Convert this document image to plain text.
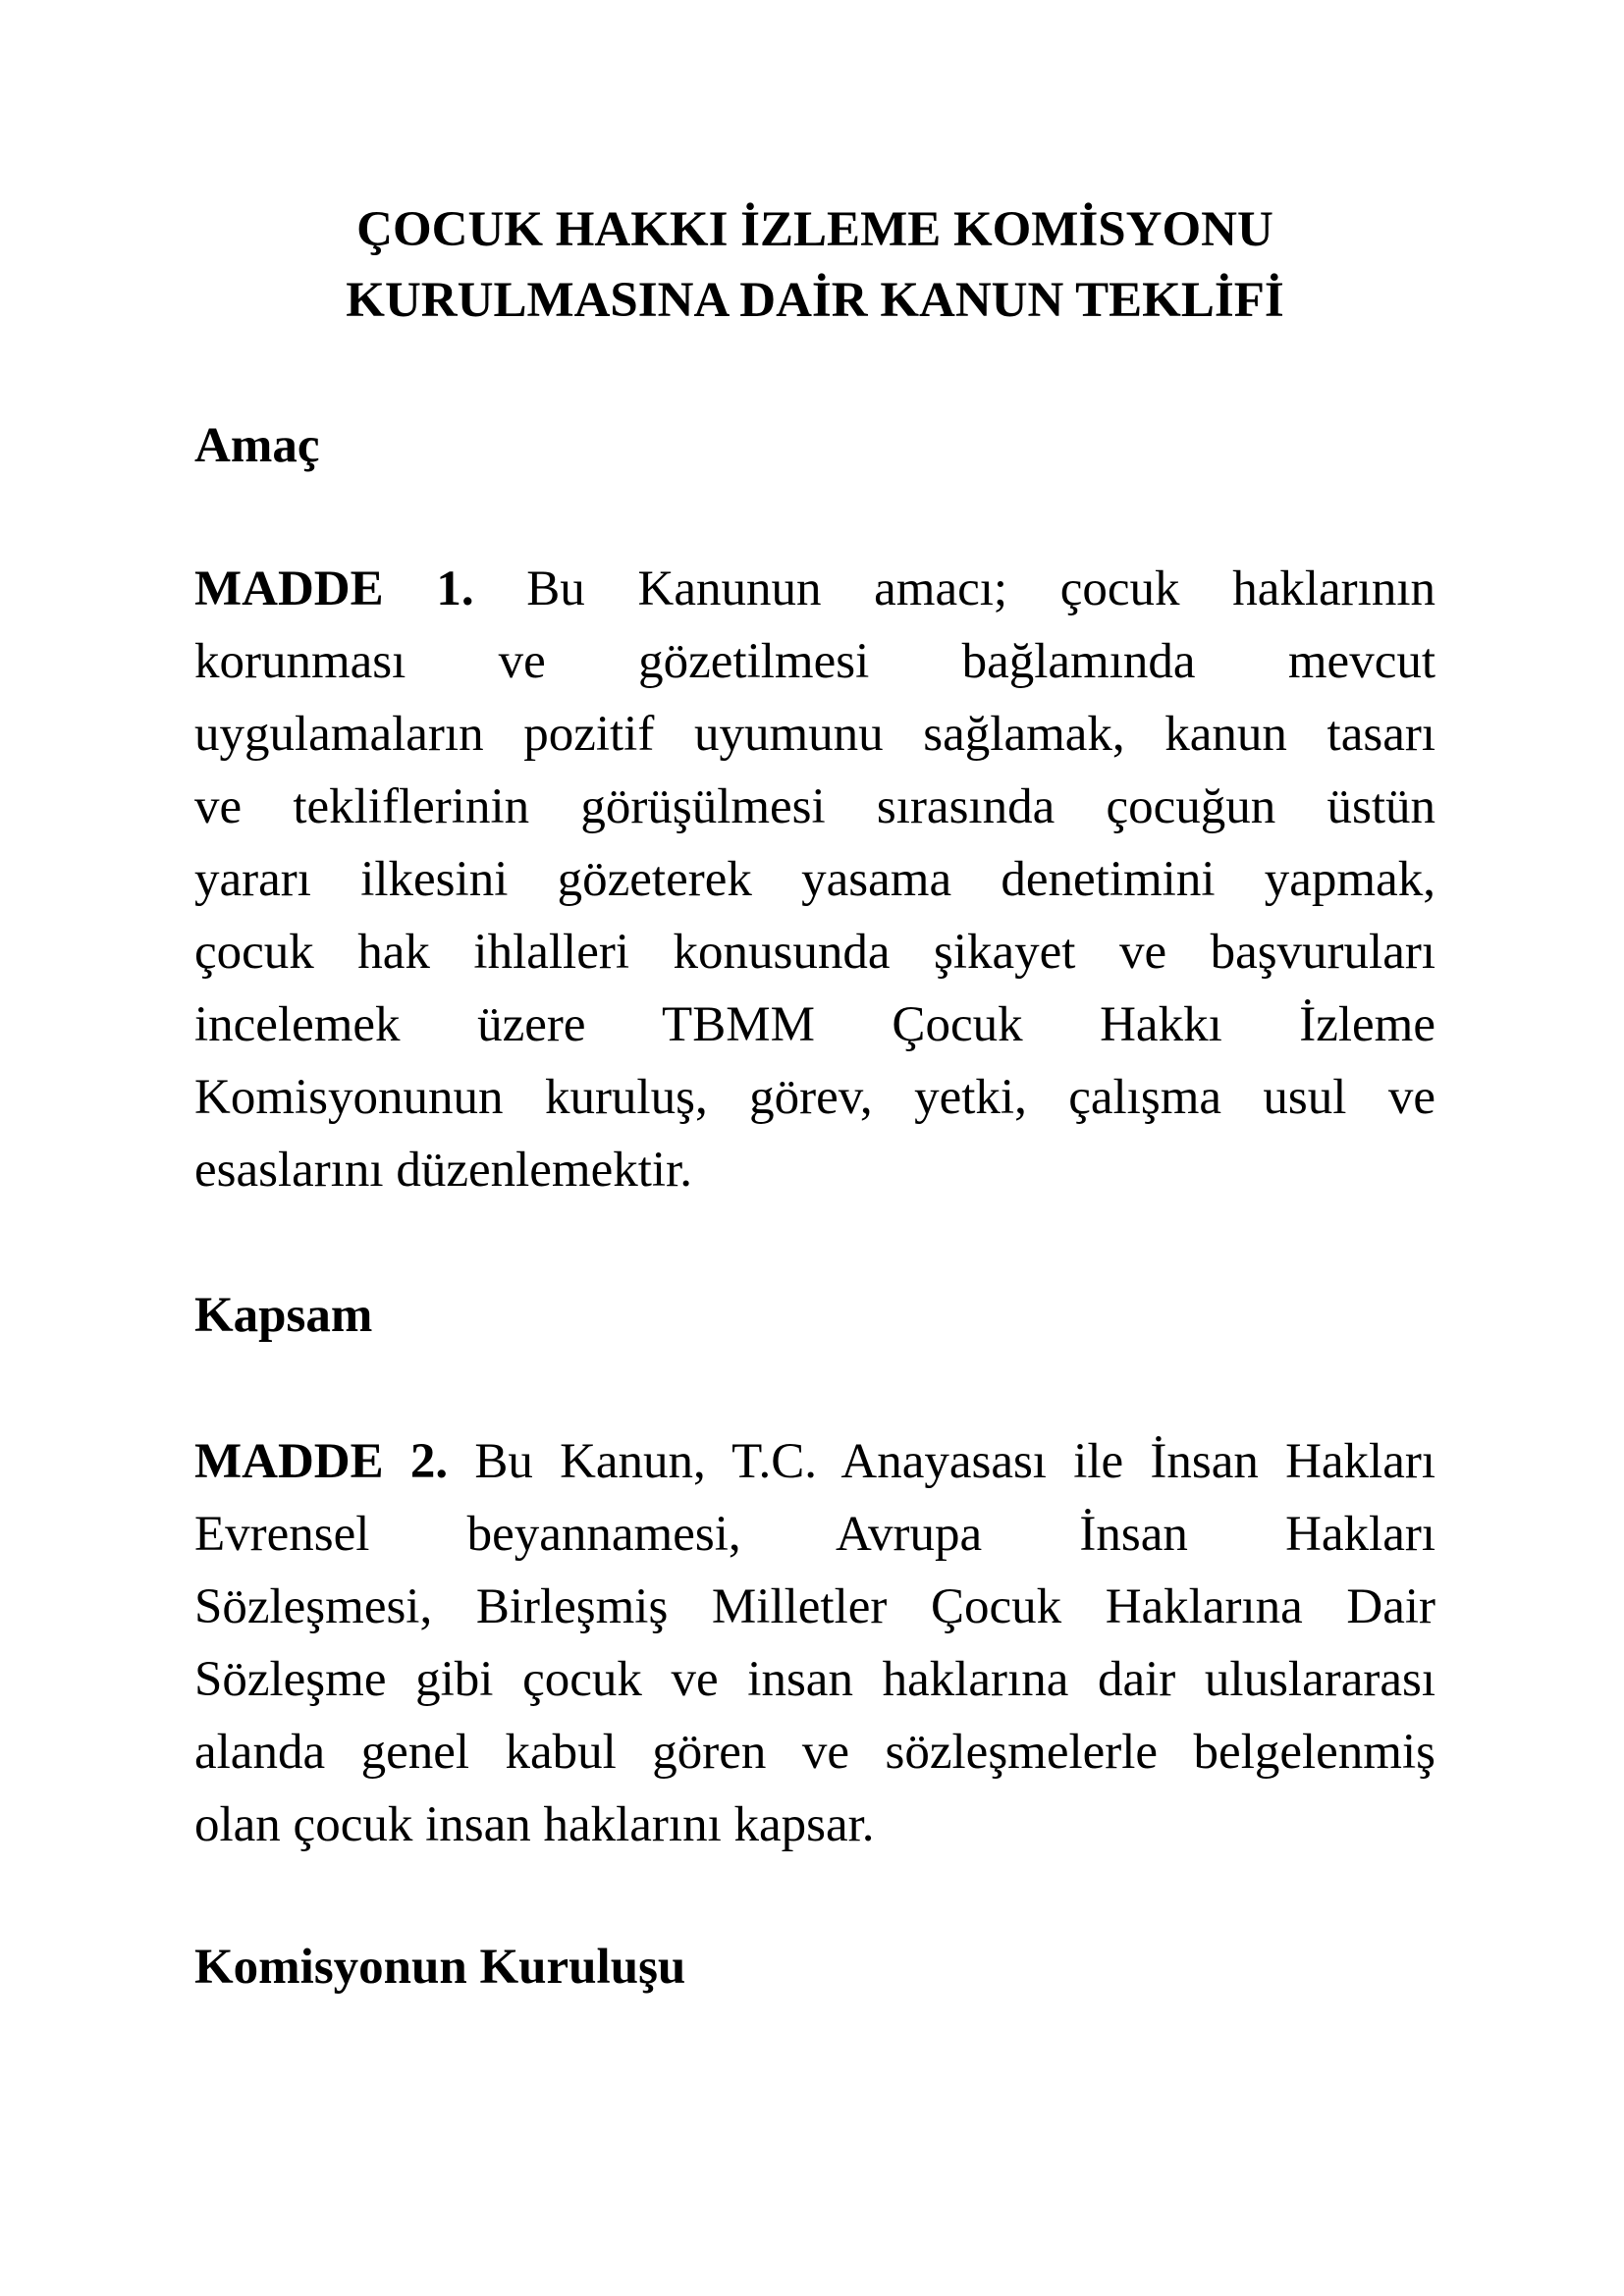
ÇOCUK HAKKI İZLEME KOMİSYONU
KURULMASINA DAİR KANUN TEKLİFİ
Amaç
MADDE 1. Bu Kanunun amacı; çocuk haklarının
korunması ve gözetilmesi bağlamında mevcut
uygulamaların pozitif uyumunu sağlamak, kanun tasarı
ve tekliflerinin görüşülmesi sırasında çocuğun üstün
yararı ilkesini gözeterek yasama denetimini yapmak,
çocuk hak ihlalleri konusunda şikayet ve başvuruları
incelemek üzere TBMM Çocuk Hakkı İzleme
Komisyonunun kuruluş, görev, yetki, çalışma usul ve
esaslarını düzenlemektir.
Kapsam
MADDE 2. Bu Kanun, T.C. Anayasası ile İnsan Hakları
Evrensel beyannamesi, Avrupa İnsan Hakları
Sözleşmesi, Birleşmiş Milletler Çocuk Haklarına Dair
Sözleşme gibi çocuk ve insan haklarına dair uluslararası
alanda genel kabul gören ve sözleşmelerle belgelenmiş
olan çocuk insan haklarını kapsar.
Komisyonun Kuruluşu
